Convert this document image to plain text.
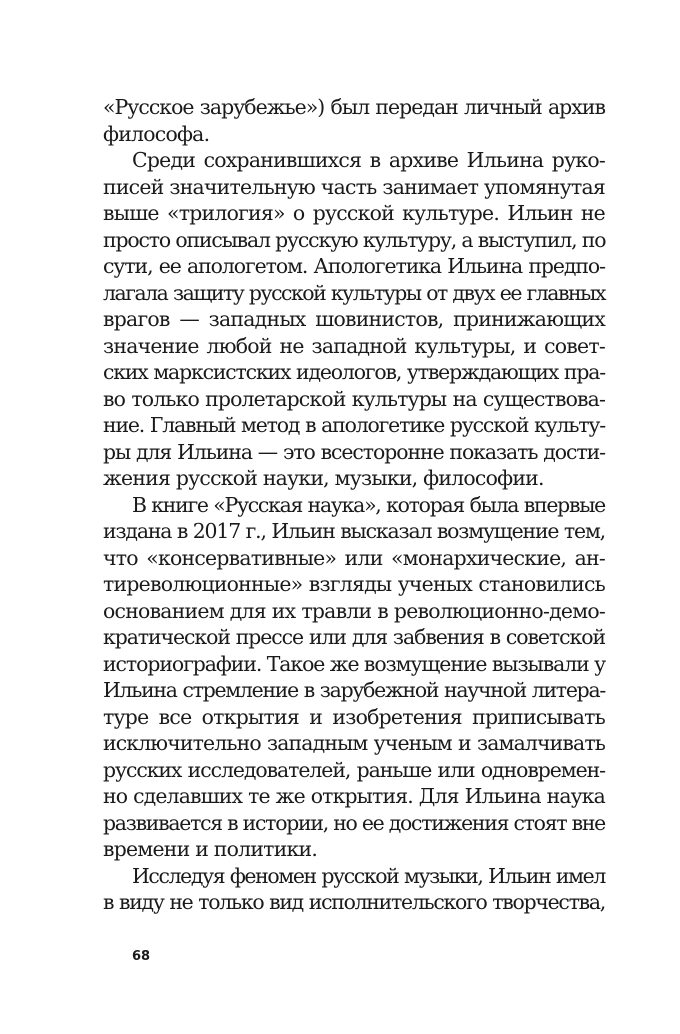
«Русское зарубежье») был передан личный архив
философа.
Среди сохранившихся в архиве Ильина руко-
писей значительную часть занимает упомянутая
выше «трилогия» о русской культуре. Ильин не
просто описывал русскую культуру, а выступил, по
сути, ее апологетом. Апологетика Ильина предпо-
лагала защиту русской культуры от двух ее главных
врагов — западных шовинистов, принижающих
значение любой не западной культуры, и совет-
ских марксистских идеологов, утверждающих пра-
во только пролетарской культуры на существова-
ние. Главный метод в апологетике русской культу-
ры для Ильина — это всесторонне показать дости-
жения русской науки, музыки, философии.
В книге «Русская наука», которая была впервые
издана в 2017 г., Ильин высказал возмущение тем,
что «консервативные» или «монархические, ан-
тиреволюционные» взгляды ученых становились
основанием для их травли в революционно-демо-
кратической прессе или для забвения в советской
историографии. Такое же возмущение вызывали у
Ильина стремление в зарубежной научной литера-
туре все открытия и изобретения приписывать
исключительно западным ученым и замалчивать
русских исследователей, раньше или одновремен-
но сделавших те же открытия. Для Ильина наука
развивается в истории, но ее достижения стоят вне
времени и политики.
Исследуя феномен русской музыки, Ильин имел
в виду не только вид исполнительского творчества,
68
